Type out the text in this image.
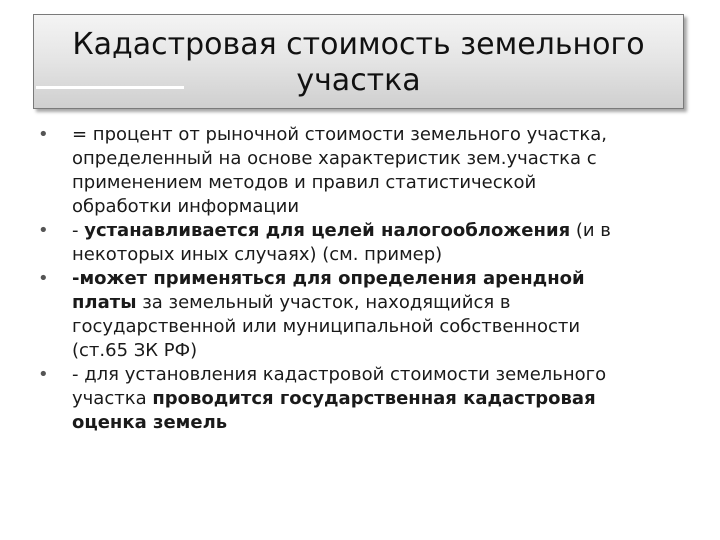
Кадастровая стоимость земельного
участка
• = процент от рыночной стоимости земельного участка,
определенный на основе характеристик зем.участка с
применением методов и правил статистической
обработки информации
• - устанавливается для целей налогообложения (и в
некоторых иных случаях) (см. пример)
• -может применяться для определения арендной
платы за земельный участок, находящийся в
государственной или муниципальной собственности
(ст.65 ЗК РФ)
• - для установления кадастровой стоимости земельного
участка проводится государственная кадастровая
оценка земель
